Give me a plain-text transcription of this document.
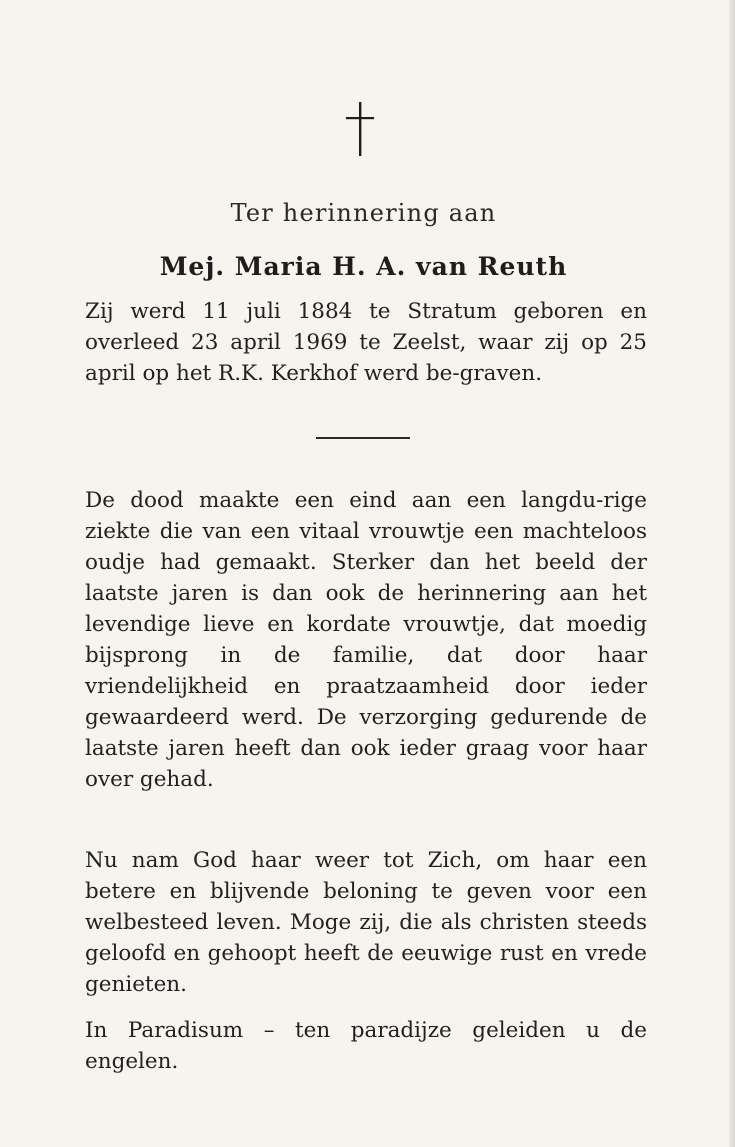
Ter herinnering aan
Mej. Maria H. A. van Reuth

Zij werd 11 juli 1884 te Stratum geboren en overleed 23 april 1969 te Zeelst, waar zij op 25 april op het R.K. Kerkhof werd be-graven.

De dood maakte een eind aan een langdu-rige ziekte die van een vitaal vrouwtje een machteloos oudje had gemaakt. Sterker dan het beeld der laatste jaren is dan ook de herinnering aan het levendige lieve en kordate vrouwtje, dat moedig bijsprong in de familie, dat door haar vriendelijkheid en praatzaamheid door ieder gewaardeerd werd. De verzorging gedurende de laatste jaren heeft dan ook ieder graag voor haar over gehad.

Nu nam God haar weer tot Zich, om haar een betere en blijvende beloning te geven voor een welbesteed leven. Moge zij, die als christen steeds geloofd en gehoopt heeft de eeuwige rust en vrede genieten.

In Paradisum – ten paradijze geleiden u de engelen.
